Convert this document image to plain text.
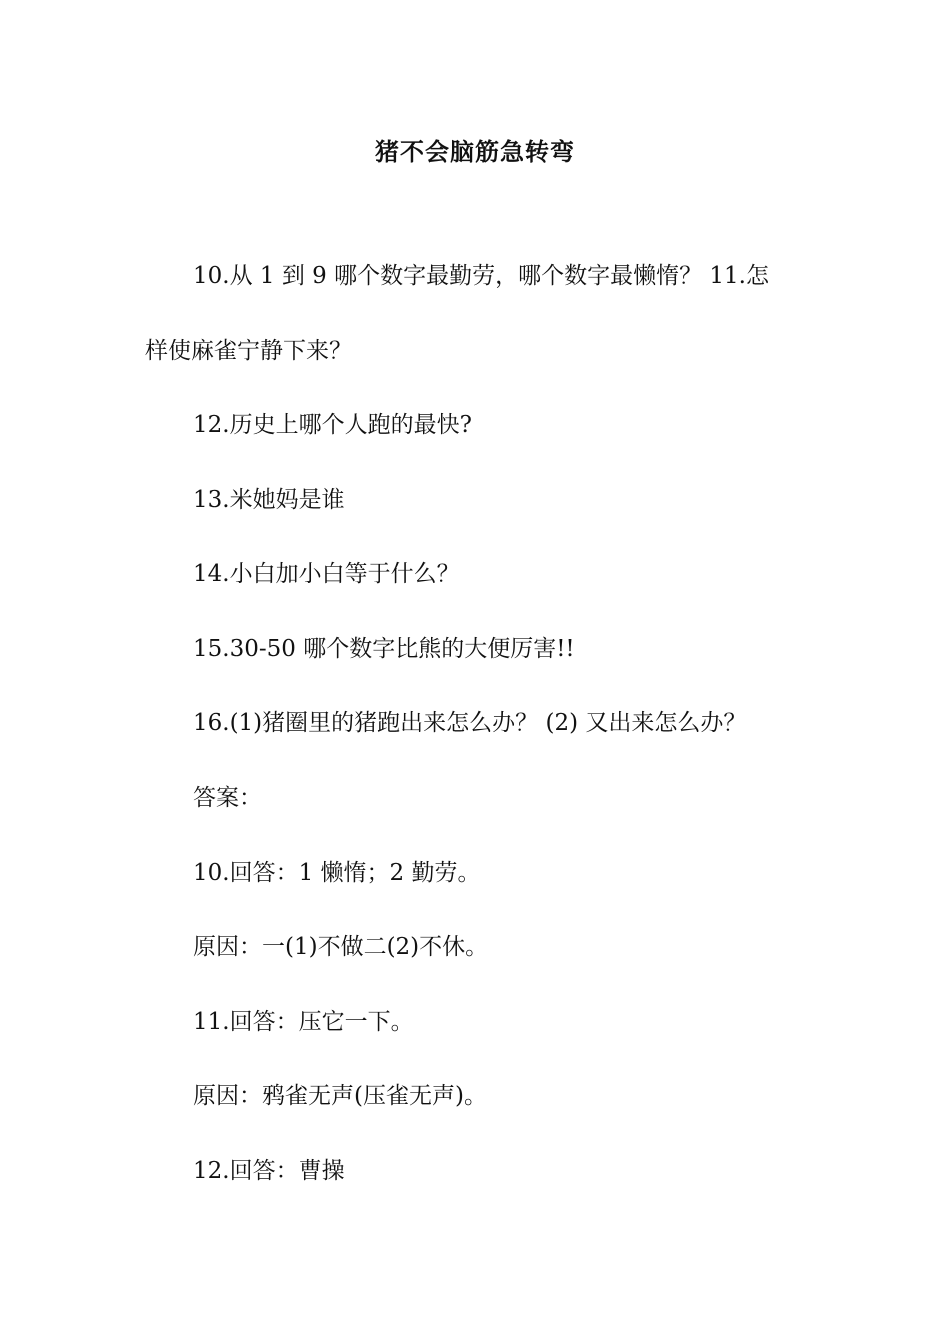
猪不会脑筋急转弯
10.从 1 到 9 哪个数字最勤劳，哪个数字最懒惰？ 11.怎
样使麻雀宁静下来？
12.历史上哪个人跑的最快?
13.米她妈是谁
14.小白加小白等于什么？
15.30-50 哪个数字比熊的大便厉害!!
16.(1)猪圈里的猪跑出来怎么办？ (2) 又出来怎么办？
答案：
10.回答：1 懒惰；2 勤劳。
原因：一(1)不做二(2)不休。
11.回答：压它一下。
原因：鸦雀无声(压雀无声)。
12.回答：曹操
